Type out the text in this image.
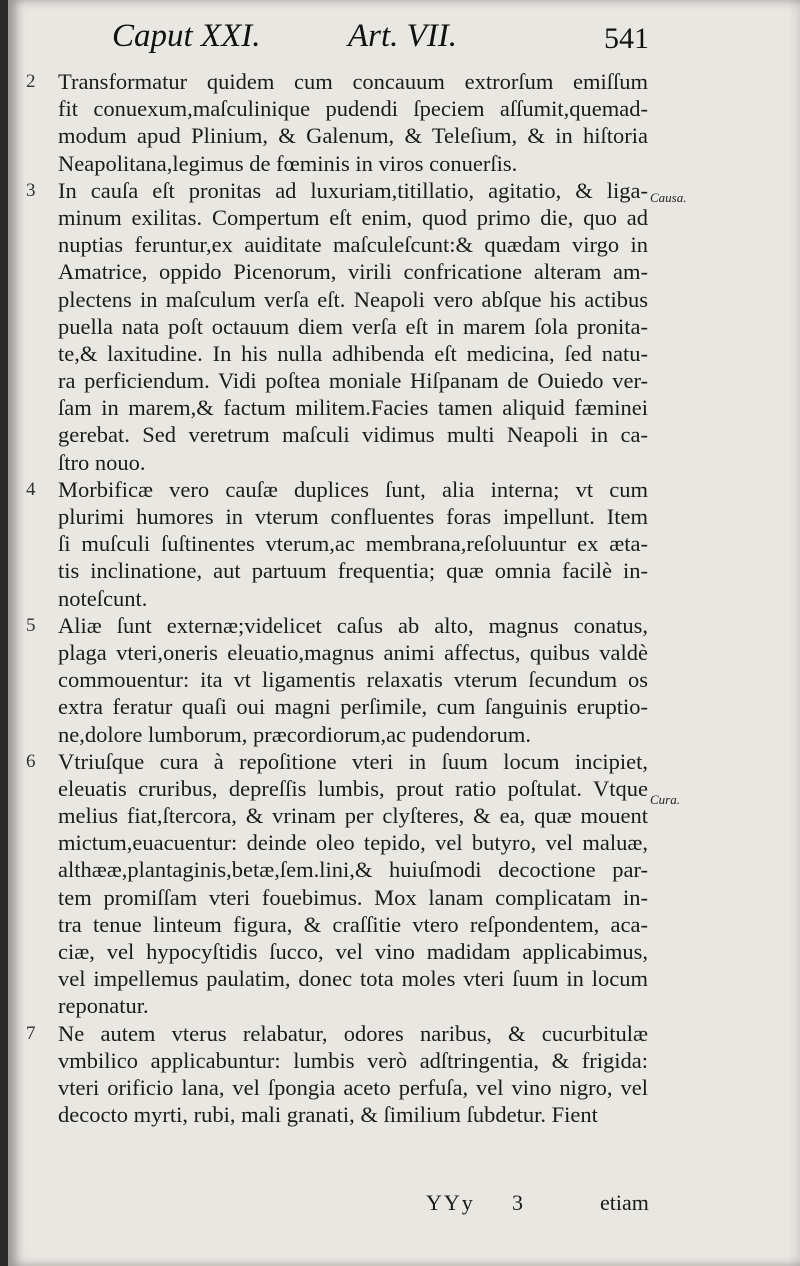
Caput XXI.	Art. VII.	541
2 Transformatur quidem cum concauum extrorſum emiſſum
fit conuexum,maſculinique pudendi ſpeciem aſſumit,quemad-
modum apud Plinium, & Galenum, & Teleſium, & in hiſtoria
Neapolitana,legimus de fœminis in viros conuerſis.
3 In cauſa eſt pronitas ad luxuriam,titillatio, agitatio, & liga-
minum exilitas. Compertum eſt enim, quod primo die, quo ad
nuptias feruntur,ex auiditate maſculeſcunt:& quædam virgo in
Amatrice, oppido Picenorum, virili confricatione alteram am-
plectens in maſculum verſa eſt. Neapoli vero abſque his actibus
puella nata poſt octauum diem verſa eſt in marem ſola pronita-
te,& laxitudine. In his nulla adhibenda eſt medicina, ſed natu-
ra perficiendum. Vidi poſtea moniale Hiſpanam de Ouiedo ver-
ſam in marem,& factum militem.Facies tamen aliquid fæminei
gerebat. Sed veretrum maſculi vidimus multi Neapoli in ca-
ſtro nouo.
4 Morbificæ vero cauſæ duplices ſunt, alia interna; vt cum
plurimi humores in vterum confluentes foras impellunt. Item
ſi muſculi ſuſtinentes vterum,ac membrana,reſoluuntur ex æta-
tis inclinatione, aut partuum frequentia; quæ omnia facilè in-
noteſcunt.
5 Aliæ ſunt externæ;videlicet caſus ab alto, magnus conatus,
plaga vteri,oneris eleuatio,magnus animi affectus, quibus valdè
commouentur: ita vt ligamentis relaxatis vterum ſecundum os
extra feratur quaſi oui magni perſimile, cum ſanguinis eruptio-
ne,dolore lumborum, præcordiorum,ac pudendorum.
6 Vtriuſque cura à repoſitione vteri in ſuum locum incipiet,
eleuatis cruribus, depreſſis lumbis, prout ratio poſtulat. Vtque
melius fiat,ſtercora, & vrinam per clyſteres, & ea, quæ mouent
mictum,euacuentur: deinde oleo tepido, vel butyro, vel maluæ,
althææ,plantaginis,betæ,ſem.lini,& huiuſmodi decoctione par-
tem promiſſam vteri fouebimus. Mox lanam complicatam in-
tra tenue linteum figura, & craſſitie vtero reſpondentem, aca-
ciæ, vel hypocyſtidis ſucco, vel vino madidam applicabimus,
vel impellemus paulatim, donec tota moles vteri ſuum in locum
reponatur.
7 Ne autem vterus relabatur, odores naribus, & cucurbitulæ
vmbilico applicabuntur: lumbis verò adſtringentia, & frigida:
vteri orificio lana, vel ſpongia aceto perfuſa, vel vino nigro, vel
decocto myrti, rubi, mali granati, & ſimilium ſubdetur. Fient
Causa.
Cura.
YYy 3	etiam
